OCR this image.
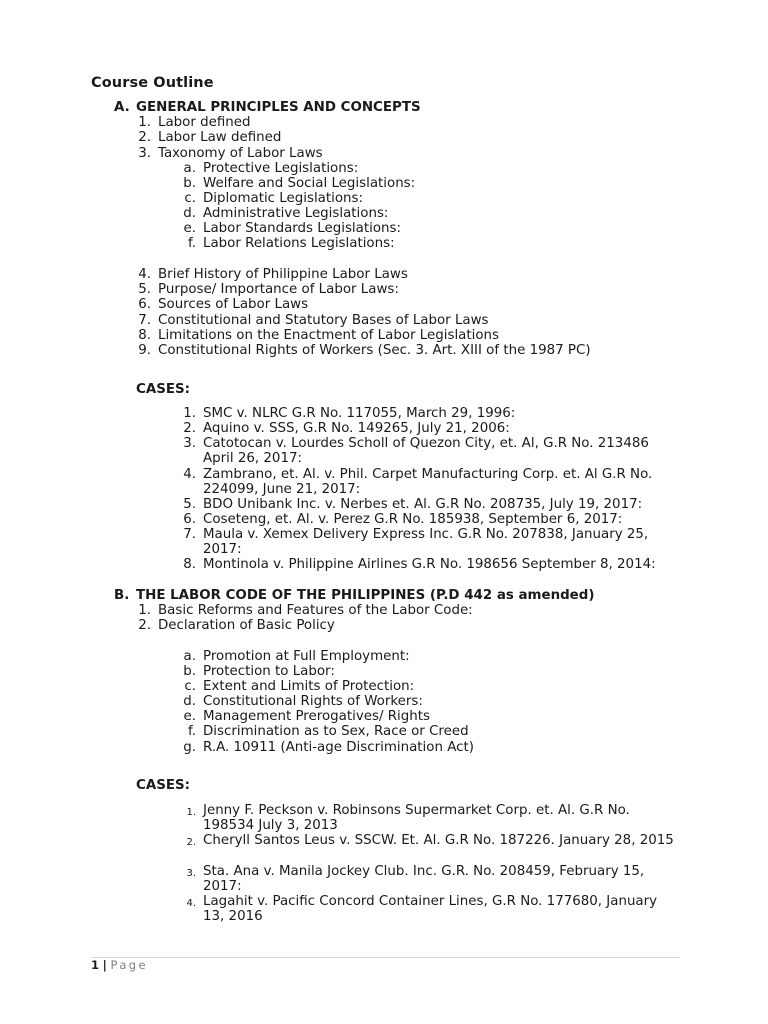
Course Outline
A. GENERAL PRINCIPLES AND CONCEPTS
1. Labor defined
2. Labor Law defined
3. Taxonomy of Labor Laws
a. Protective Legislations:
b. Welfare and Social Legislations:
c. Diplomatic Legislations:
d. Administrative Legislations:
e. Labor Standards Legislations:
f. Labor Relations Legislations:
4. Brief History of Philippine Labor Laws
5. Purpose/ Importance of Labor Laws:
6. Sources of Labor Laws
7. Constitutional and Statutory Bases of Labor Laws
8. Limitations on the Enactment of Labor Legislations
9. Constitutional Rights of Workers (Sec. 3. Art. XIII of the 1987 PC)
CASES:
1. SMC v. NLRC G.R No. 117055, March 29, 1996:
2. Aquino v. SSS, G.R No. 149265, July 21, 2006:
3. Catotocan v. Lourdes Scholl of Quezon City, et. Al, G.R No. 213486 April 26, 2017:
4. Zambrano, et. Al. v. Phil. Carpet Manufacturing Corp. et. Al G.R No. 224099, June 21, 2017:
5. BDO Unibank Inc. v. Nerbes et. Al. G.R No. 208735, July 19, 2017:
6. Coseteng, et. Al. v. Perez G.R No. 185938, September 6, 2017:
7. Maula v. Xemex Delivery Express Inc. G.R No. 207838, January 25, 2017:
8. Montinola v. Philippine Airlines G.R No. 198656 September 8, 2014:
B. THE LABOR CODE OF THE PHILIPPINES (P.D 442 as amended)
1. Basic Reforms and Features of the Labor Code:
2. Declaration of Basic Policy
a. Promotion at Full Employment:
b. Protection to Labor:
c. Extent and Limits of Protection:
d. Constitutional Rights of Workers:
e. Management Prerogatives/ Rights
f. Discrimination as to Sex, Race or Creed
g. R.A. 10911 (Anti-age Discrimination Act)
CASES:
1. Jenny F. Peckson v. Robinsons Supermarket Corp. et. Al. G.R No. 198534 July 3, 2013
2. Cheryll Santos Leus v. SSCW. Et. Al. G.R No. 187226. January 28, 2015
3. Sta. Ana v. Manila Jockey Club. Inc. G.R. No. 208459, February 15, 2017:
4. Lagahit v. Pacific Concord Container Lines, G.R No. 177680, January 13, 2016
1 | Page
